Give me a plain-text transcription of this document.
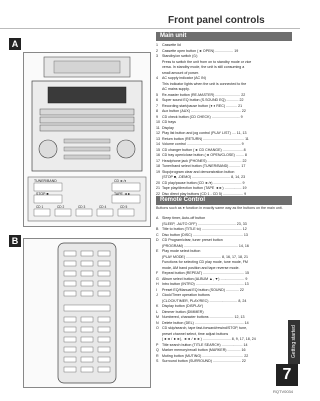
Front panel controls
A
B
TUNER/BAND	CD ►/⏸
STOP ■	TAPE ◄►
CD 1	CD 2	CD 3	CD 4	CD 5
Main unit
1 Cassette lid
2 Cassette open button (◄ OPEN) .................. 19
3 Standby/on switch (⏻)
Press to switch the unit from on to standby mode or vice
versa. In standby mode, the unit is still consuming a
small amount of power.
4 AC supply indicator (AC IN)
This indicator lights when the unit is connected to the
AC mains supply.
5 Re-master button (RE-MASTER) ......................... 22
6 Super sound EQ button (S.SOUND EQ) ............ 22
7 Recording start/pause button (● ⏸ REC) ........... 21
8 Aux button (AUX) .................................................. 22
9 CD check button (CD CHECK) ............................ 9
10 CD trays
11 Display
12 Play list button and jog control (PLAY LIST) .... 11, 13
13 Return button (RETURN) ......................................... 11
14 Volume control ...................................................... 9
15 CD changer button (◄ CD CHANGE) .................... 8
16 CD tray open/close button (◄ OPEN/CLOSE) ........ 8
17 Headphone jack (PHONES) .................................. 22
18 Tuner/band select button (TUNER/BAND) ........... 17
19 Stop/program clear and demonstration button
(STOP ■, -DEMO) ...................................... 8, 14, 23
20 CD play/pause button (CD ►/⏸) ............................ 9
21 Tape play/direction button (TAPE ◄►) ................. 19
22 Disc direct play buttons (CD 1 - CD 5) .................... 9
Remote Control
Buttons such as ● function in exactly same way as the buttons on the main unit.
A Sleep timer, Auto-off button
(SLEEP, -AUTO OFF) ...................................... 23, 33
B Title to button (TITLE to) ........................................ 12
C Disc button (DISC) .................................................. 13
D CD Program/clear, tuner preset button
(PROGRAM) ...................................................... 14, 16
E Play mode select button
(PLAY MODE) ................................... 8, 16, 17, 18, 21
Functions for selecting CD play mode, tune mode, FM
mode, AM band position and tape reverse mode.
F Repeat button (REPEAT) ......................................... 15
G Album select button (ALBUM ▲, ▼) ........................ 9
H Intro button (INTRO) ................................................ 13
I Preset EQ/Manual EQ button (SOUND) ............. 22
J Clock/Timer operation buttons
(CLOCK/TIMER, PLAY/REC) ............................ 8, 24
K Display button (DISPLAY)
L Dimmer button (DIMMER)
M Numbered, character buttons ........................ 12, 13
N Delete button (DEL) ................................................. 14
O CD skip/search, tape fast-forward/rewind/STOP, tune,
preset channel select, time adjust buttons
(◄◄ / ►►|, ◄◄ / ►►) ............................ 8, 9, 17, 18, 24
P Title search button (TITLE SEARCH) ..................... 14
Q Marker memory/recall button (MARKER) ............. 16
R Muting button (MUTING) ......................................... 22
S Surround button (SURROUND) ............................ 22
Getting started
7
RQTV0034
